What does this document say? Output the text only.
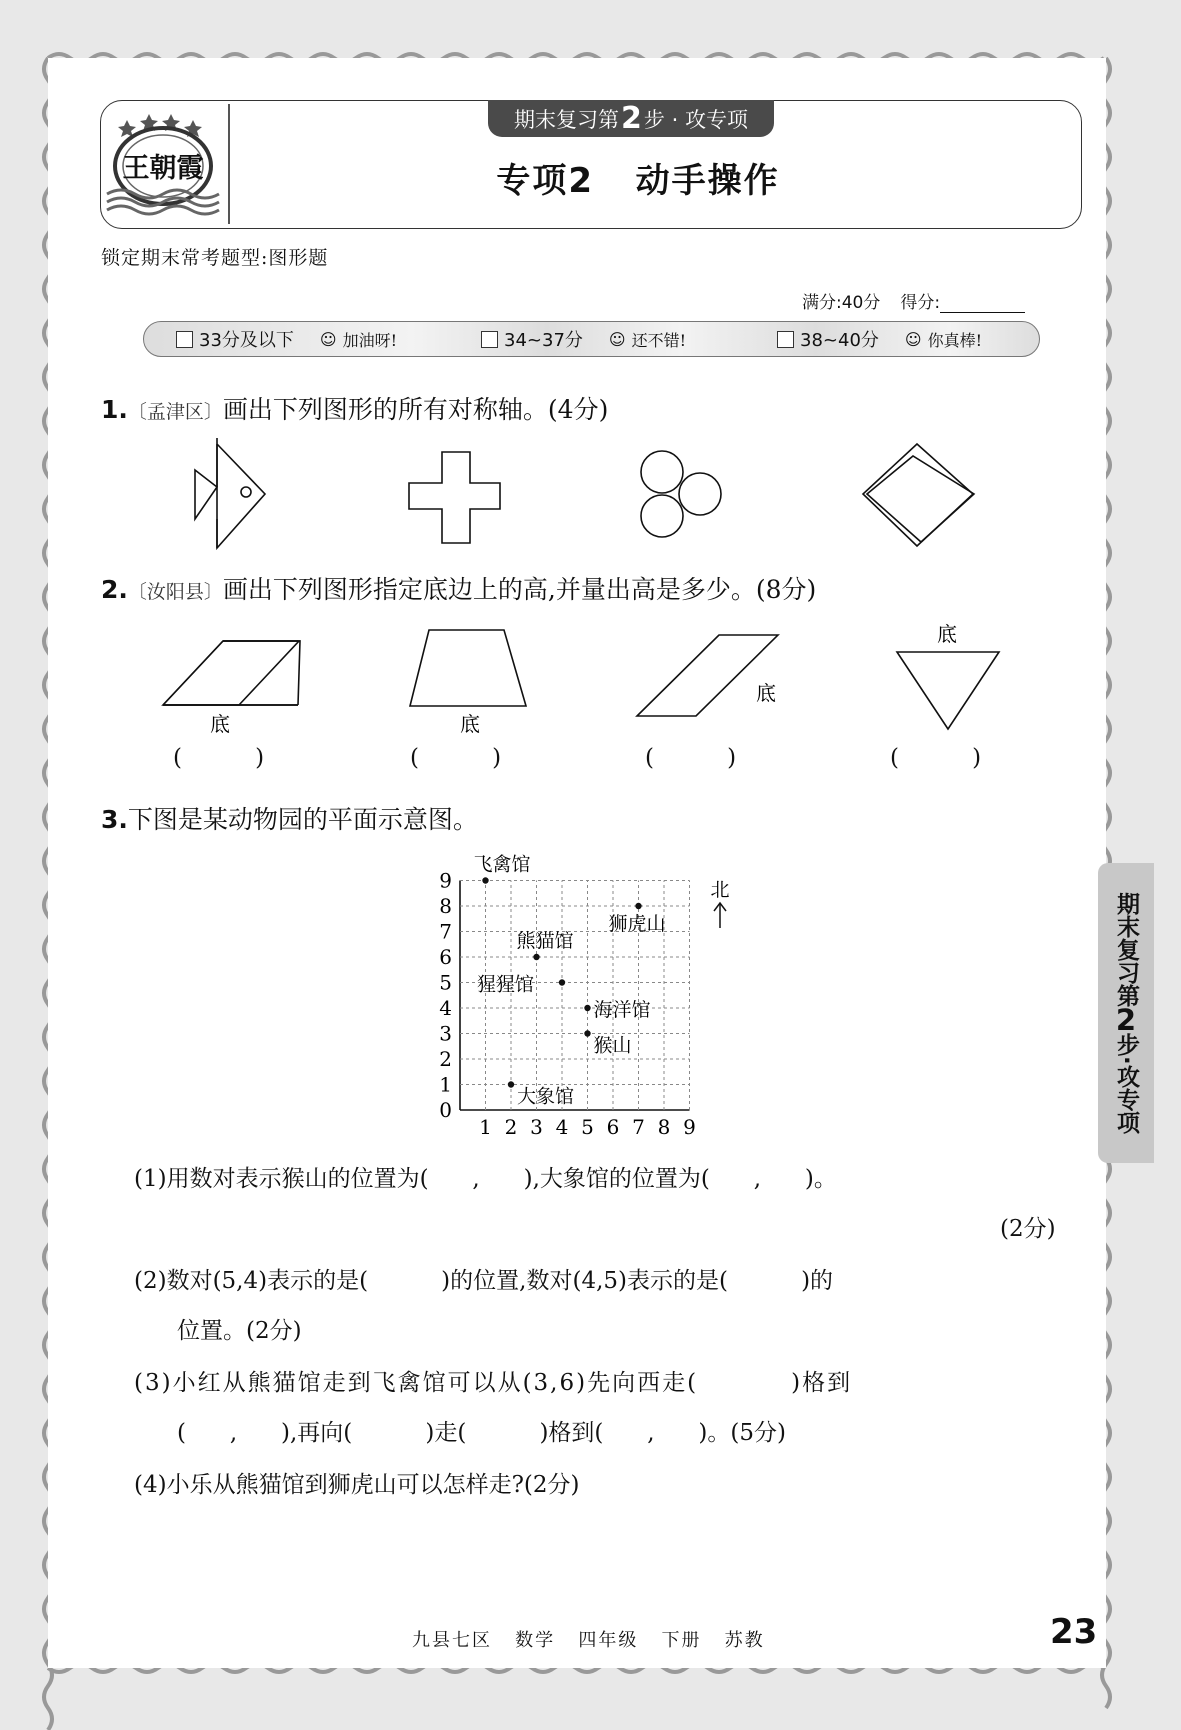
王朝霞
期末复习第 2 步 · 攻专项
专项2   动手操作
锁定期末常考题型:图形题
满分:40分 得分:
33分及以下 ☺ 加油呀!	34~37分 ☺ 还不错!	38~40分 ☺ 你真棒!
1.〔孟津区〕画出下列图形的所有对称轴。(4分)
2.〔汝阳县〕画出下列图形指定底边上的高,并量出高是多少。(8分)
底	底
底
底
(          )	(          )	(          )	(          )
3.下图是某动物园的平面示意图。
1 2 3 4 5 6 7 8 9
0
1
2
3
4
5
6
7
8
9	北
飞禽馆
狮虎山
熊猫馆
猩猩馆
海洋馆
猴山
大象馆
(1)用数对表示猴山的位置为(      ,      ),大象馆的位置为(      ,      )。
(2分)
(2)数对(5,4)表示的是(          )的位置,数对(4,5)表示的是(          )的
位置。(2分)
(3)小红从熊猫馆走到飞禽馆可以从(3,6)先向西走(          )格到
(      ,      ),再向(          )走(          )格到(      ,      )。(5分)
(4)小乐从熊猫馆到狮虎山可以怎样走?(2分)
期末复习第
2
步·攻专项
九县七区   数学   四年级   下册   苏教	23
